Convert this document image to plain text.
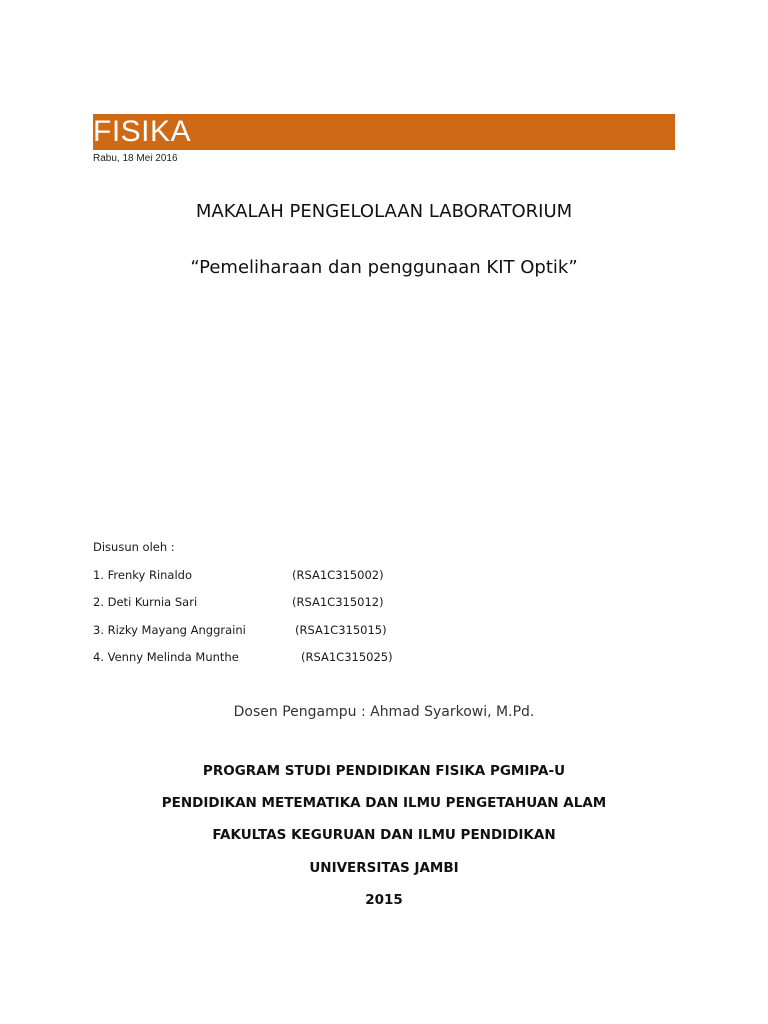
FISIKA
Rabu, 18 Mei 2016
MAKALAH PENGELOLAAN LABORATORIUM
“Pemeliharaan dan penggunaan KIT Optik”
Disusun oleh :
1. Frenky Rinaldo	(RSA1C315002)
2. Deti Kurnia Sari	(RSA1C315012)
3. Rizky Mayang Anggraini	(RSA1C315015)
4. Venny Melinda Munthe	(RSA1C315025)
Dosen Pengampu : Ahmad Syarkowi, M.Pd.
PROGRAM STUDI PENDIDIKAN FISIKA PGMIPA-U
PENDIDIKAN METEMATIKA DAN ILMU PENGETAHUAN ALAM
FAKULTAS KEGURUAN DAN ILMU PENDIDIKAN
UNIVERSITAS JAMBI
2015
